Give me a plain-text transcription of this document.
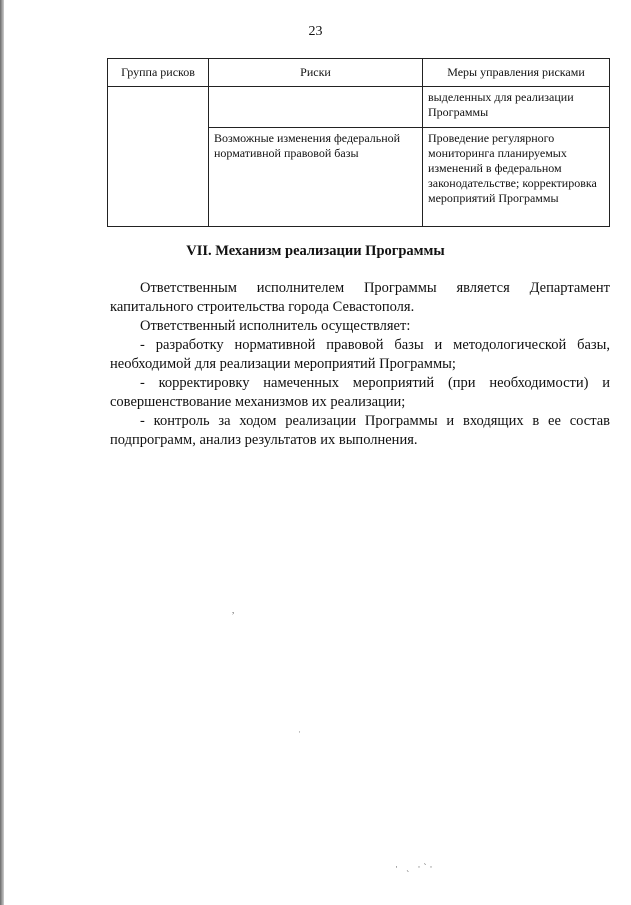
23
Группа рисков	Риски	Меры управления рисками
		выделенных для реализации Программы
	Возможные изменения федеральной нормативной правовой базы	Проведение регулярного мониторинга планируемых изменений в федеральном законодательстве; корректировка мероприятий Программы
VII. Механизм реализации Программы

Ответственным исполнителем Программы является Департамент капитального строительства города Севастополя.

Ответственный исполнитель осуществляет:

- разработку нормативной правовой базы и методологической базы, необходимой для реализации мероприятий Программы;

- корректировку намеченных мероприятий (при необходимости) и совершенствование механизмов их реализации;

- контроль за ходом реализации Программы и входящих в ее состав подпрограмм, анализ результатов их выполнения.

,
·
· ˎ ·ˋ·
